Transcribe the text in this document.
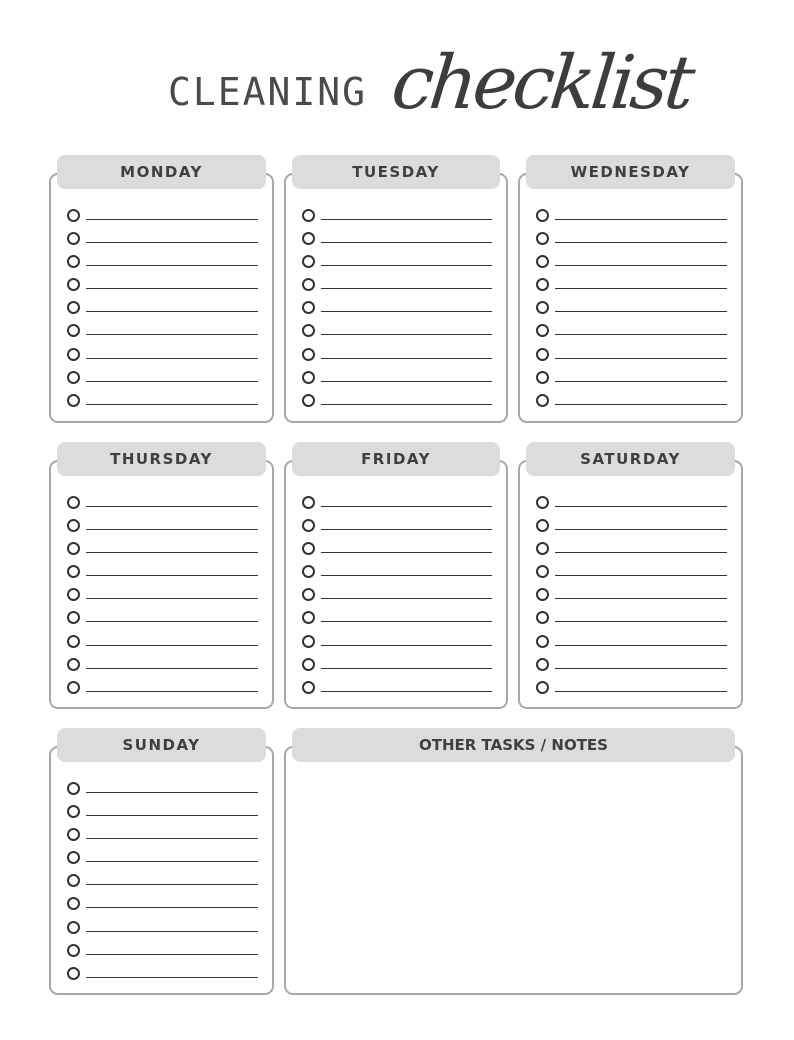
CLEANING checklist
MONDAY	TUESDAY	WEDNESDAY
THURSDAY	FRIDAY	SATURDAY
SUNDAY	OTHER TASKS / NOTES
